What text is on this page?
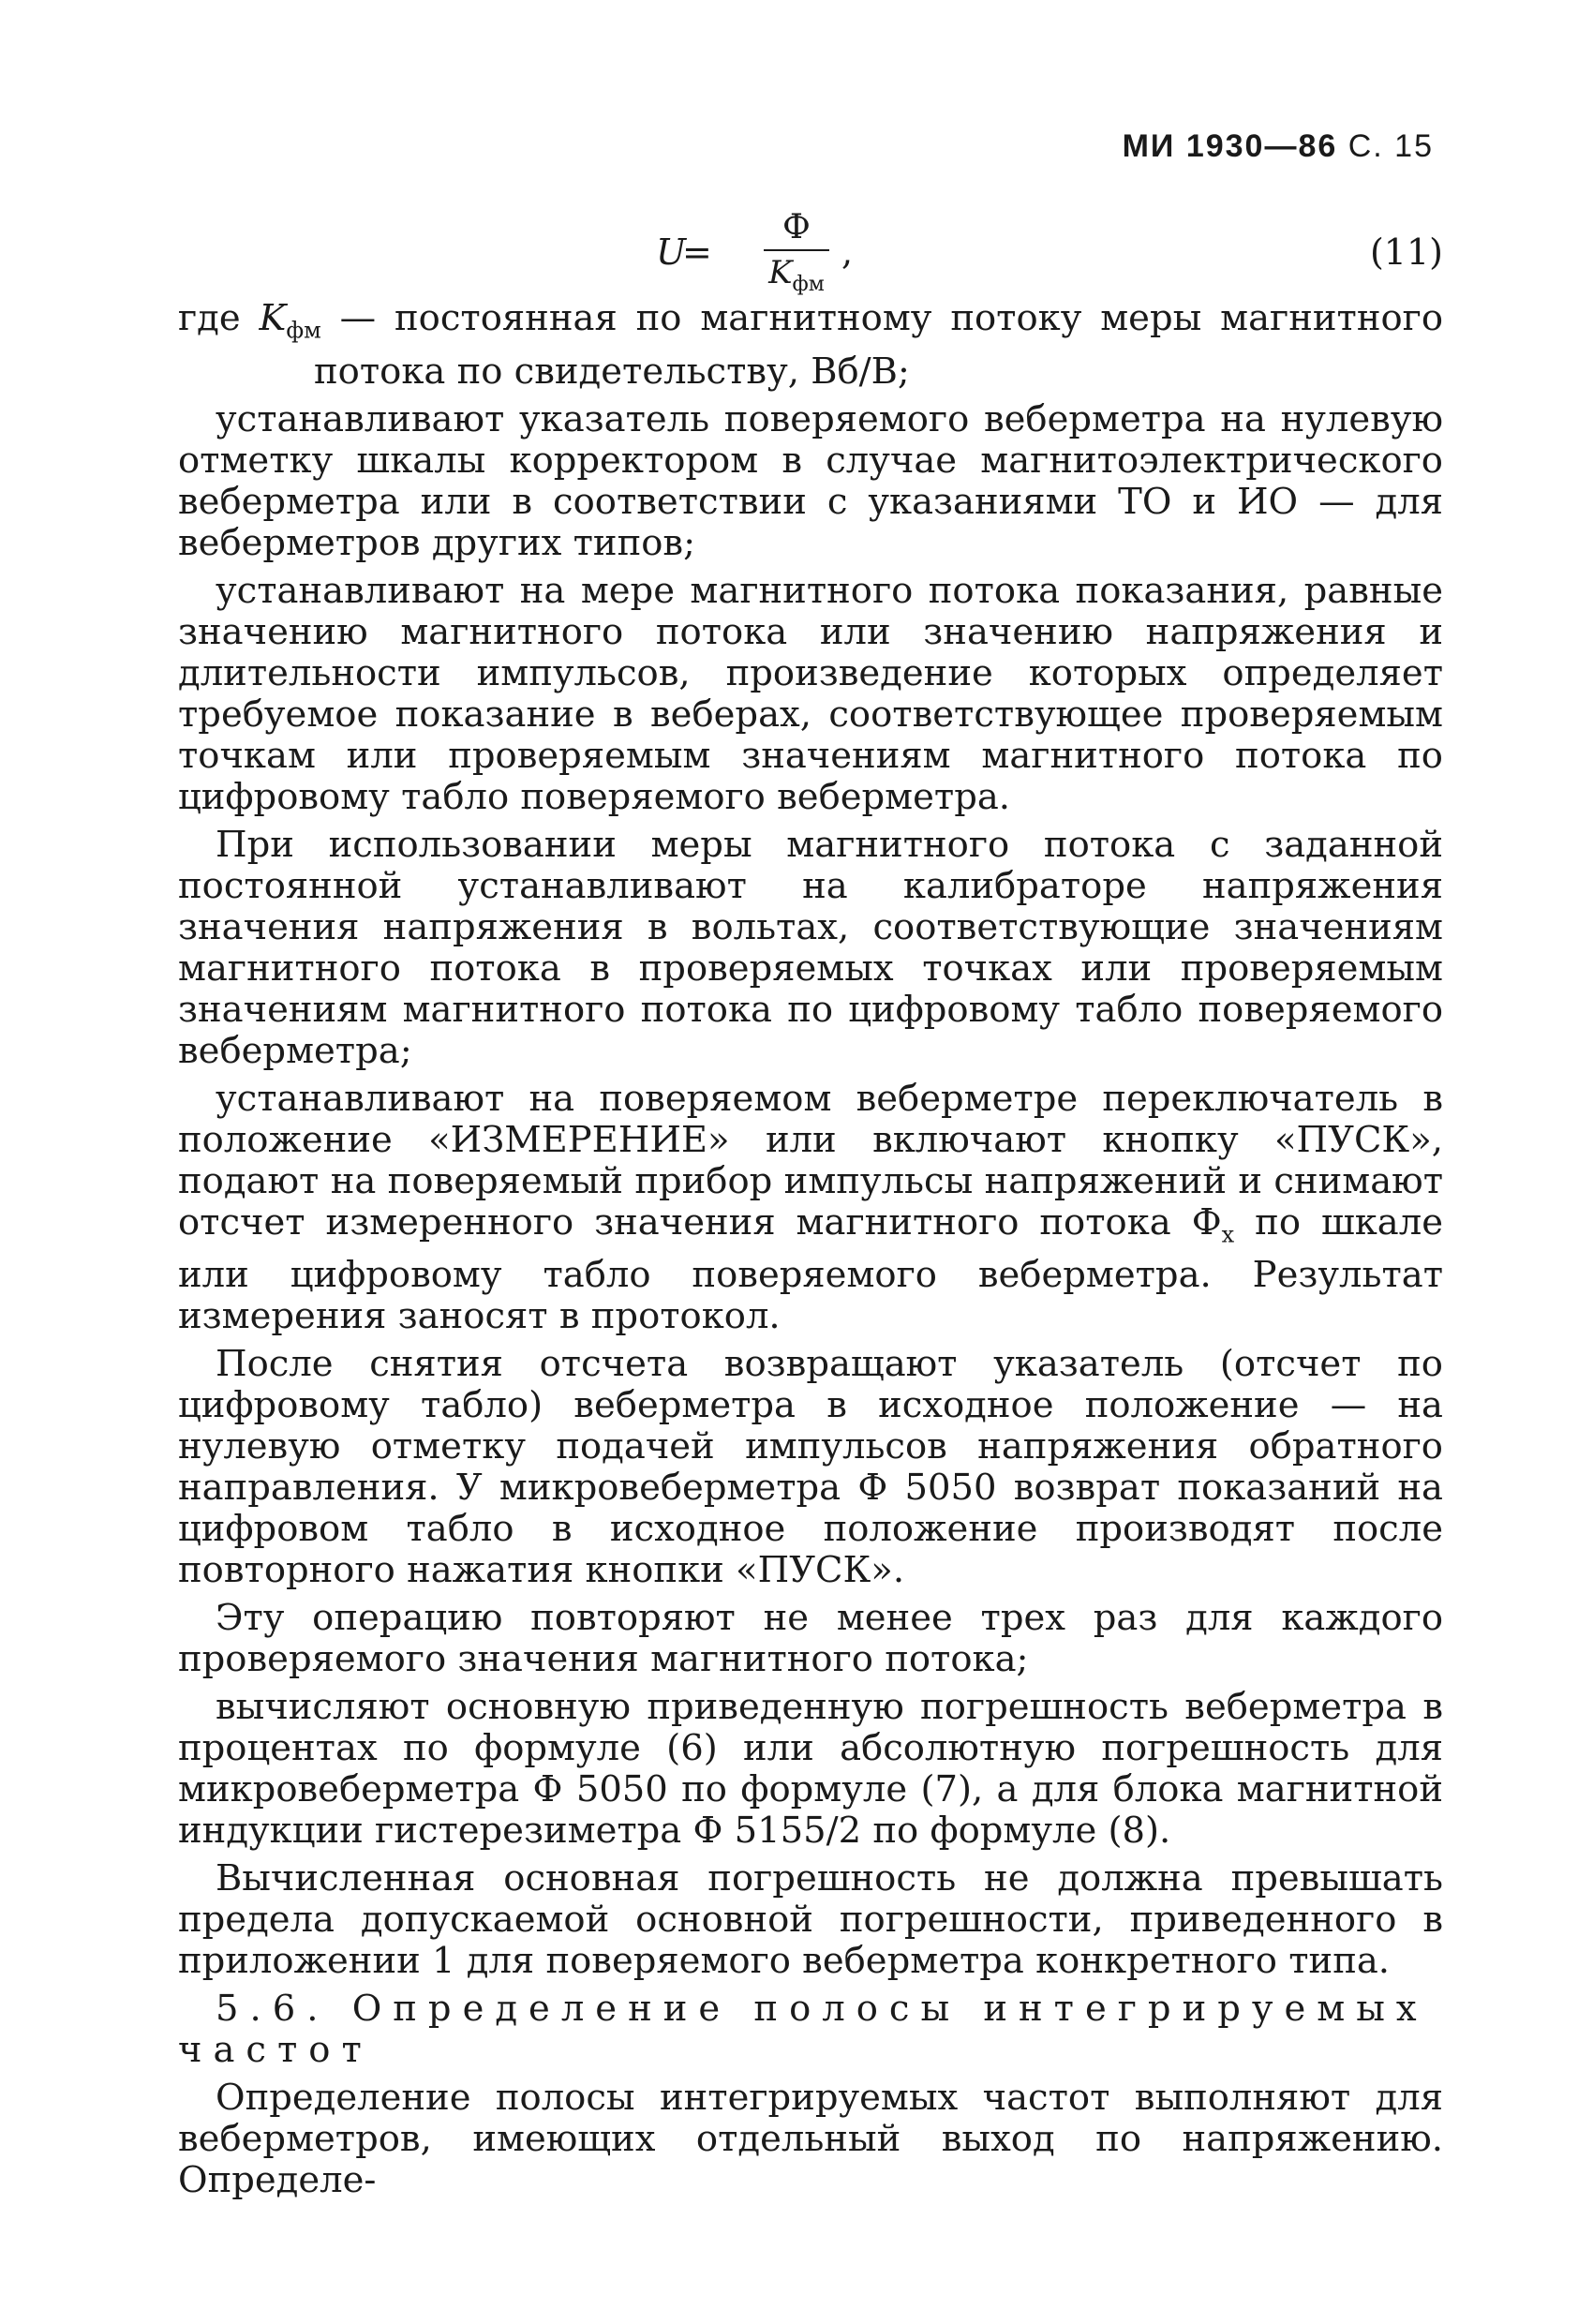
МИ 1930—86 С. 15
U
=
Ф
$K_{фм}$
,	(11)

где $K_{фм}$ — постоянная по магнитному потоку меры магнитного потока по свидетельству, Вб/В;

устанавливают указатель поверяемого веберметра на нулевую отметку шкалы корректором в случае магнитоэлектрического веберметра или в соответствии с указаниями ТО и ИО — для веберметров других типов;

устанавливают на мере магнитного потока показания, равные значению магнитного потока или значению напряжения и длительности импульсов, произведение которых определяет требуемое показание в веберах, соответствующее проверяемым точкам или проверяемым значениям магнитного потока по цифровому табло поверяемого веберметра.

При использовании меры магнитного потока с заданной постоянной устанавливают на калибраторе напряжения значения напряжения в вольтах, соответствующие значениям магнитного потока в проверяемых точках или проверяемым значениям магнитного потока по цифровому табло поверяемого веберметра;

устанавливают на поверяемом веберметре переключатель в положение «ИЗМЕРЕНИЕ» или включают кнопку «ПУСК», подают на поверяемый прибор импульсы напряжений и снимают отсчет измеренного значения магнитного потока $Ф_x$ по шкале или цифровому табло поверяемого веберметра. Результат измерения заносят в протокол.

После снятия отсчета возвращают указатель (отсчет по цифровому табло) веберметра в исходное положение — на нулевую отметку подачей импульсов напряжения обратного направления. У микровеберметра Ф 5050 возврат показаний на цифровом табло в исходное положение производят после повторного нажатия кнопки «ПУСК».

Эту операцию повторяют не менее трех раз для каждого проверяемого значения магнитного потока;

вычисляют основную приведенную погрешность веберметра в процентах по формуле (6) или абсолютную погрешность для микровеберметра Ф 5050 по формуле (7), а для блока магнитной индукции гистерезиметра Ф 5155/2 по формуле (8).

Вычисленная основная погрешность не должна превышать предела допускаемой основной погрешности, приведенного в приложении 1 для поверяемого веберметра конкретного типа.

5.6. Определение полосы интегрируемых частот

Определение полосы интегрируемых частот выполняют для веберметров, имеющих отдельный выход по напряжению. Определе-
